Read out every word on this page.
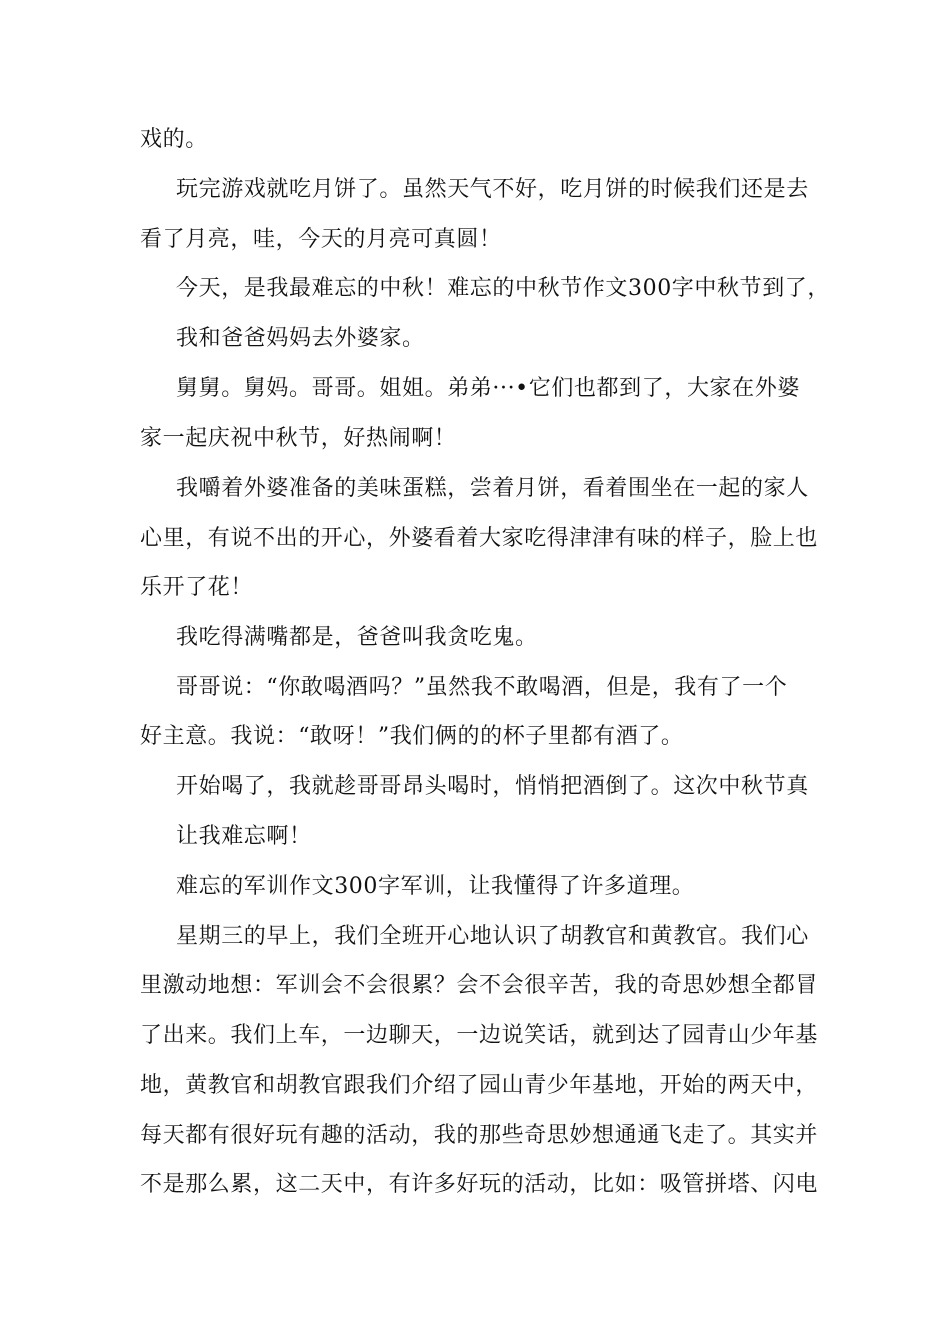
戏的。
玩完游戏就吃月饼了。虽然天气不好，吃月饼的时候我们还是去
看了月亮，哇，今天的月亮可真圆！
今天，是我最难忘的中秋！难忘的中秋节作文300字中秋节到了，
我和爸爸妈妈去外婆家。
舅舅。舅妈。哥哥。姐姐。弟弟···•它们也都到了，大家在外婆
家一起庆祝中秋节，好热闹啊！
我嚼着外婆准备的美味蛋糕，尝着月饼，看着围坐在一起的家人
心里，有说不出的开心，外婆看着大家吃得津津有味的样子，脸上也
乐开了花！
我吃得满嘴都是，爸爸叫我贪吃鬼。
哥哥说：“你敢喝酒吗？”虽然我不敢喝酒，但是，我有了一个
好主意。我说：“敢呀！”我们俩的的杯子里都有酒了。
开始喝了，我就趁哥哥昂头喝时，悄悄把酒倒了。这次中秋节真
让我难忘啊！
难忘的军训作文300字军训，让我懂得了许多道理。
星期三的早上，我们全班开心地认识了胡教官和黄教官。我们心
里激动地想：军训会不会很累？会不会很辛苦，我的奇思妙想全都冒
了出来。我们上车，一边聊天，一边说笑话，就到达了园青山少年基
地，黄教官和胡教官跟我们介绍了园山青少年基地，开始的两天中，
每天都有很好玩有趣的活动，我的那些奇思妙想通通飞走了。其实并
不是那么累，这二天中，有许多好玩的活动，比如：吸管拼塔、闪电
